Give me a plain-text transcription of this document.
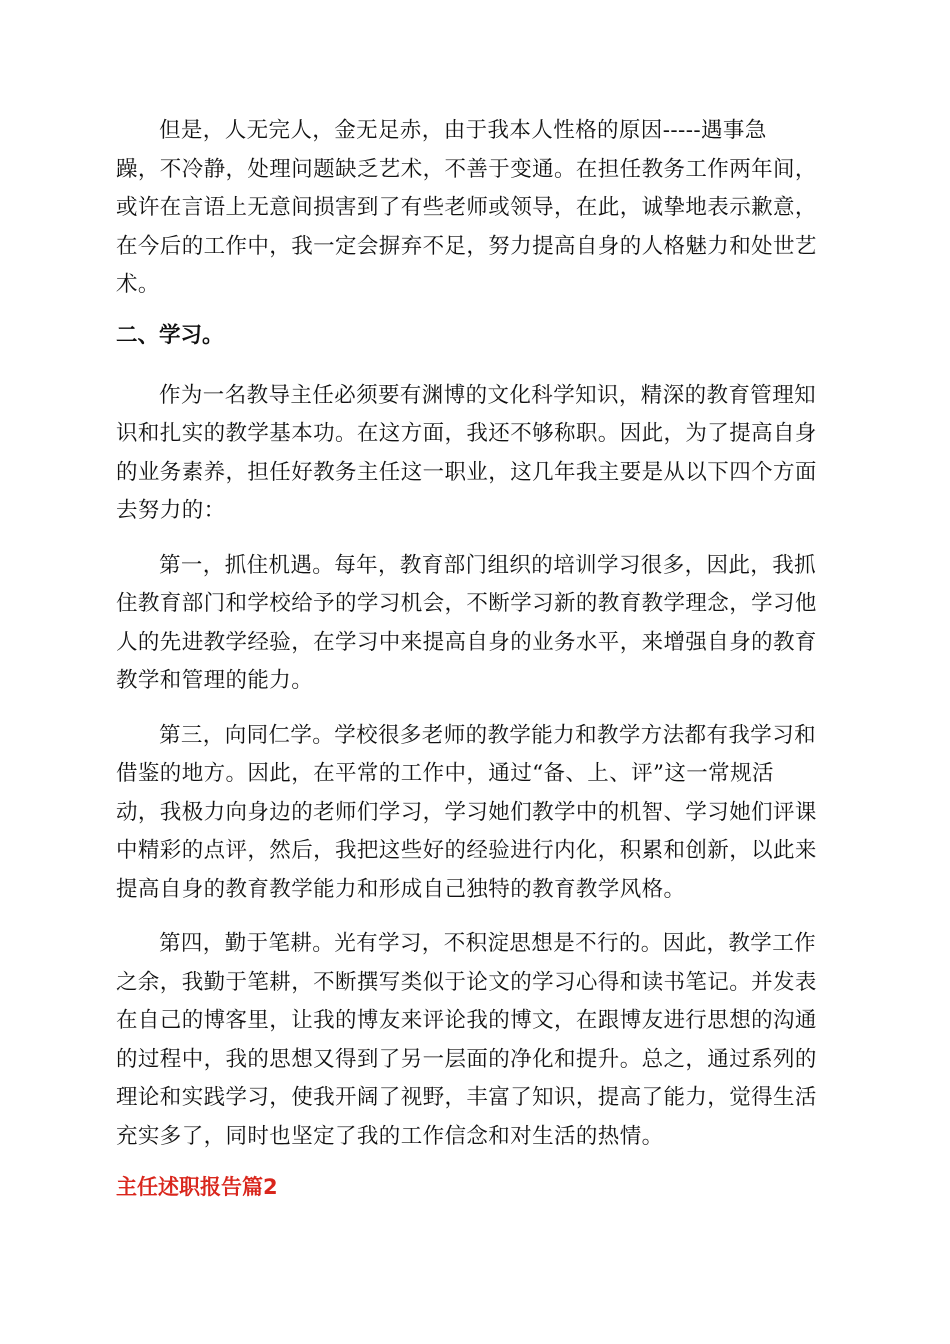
但是，人无完人，金无足赤，由于我本人性格的原因-----遇事急
躁，不冷静，处理问题缺乏艺术，不善于变通。在担任教务工作两年间，
或许在言语上无意间损害到了有些老师或领导，在此，诚挚地表示歉意，
在今后的工作中，我一定会摒弃不足，努力提高自身的人格魅力和处世艺
术。
二、学习。
作为一名教导主任必须要有渊博的文化科学知识，精深的教育管理知
识和扎实的教学基本功。在这方面，我还不够称职。因此，为了提高自身
的业务素养，担任好教务主任这一职业，这几年我主要是从以下四个方面
去努力的：
第一，抓住机遇。每年，教育部门组织的培训学习很多，因此，我抓
住教育部门和学校给予的学习机会，不断学习新的教育教学理念，学习他
人的先进教学经验，在学习中来提高自身的业务水平，来增强自身的教育
教学和管理的能力。
第三，向同仁学。学校很多老师的教学能力和教学方法都有我学习和
借鉴的地方。因此，在平常的工作中，通过“备、上、评”这一常规活
动，我极力向身边的老师们学习，学习她们教学中的机智、学习她们评课
中精彩的点评，然后，我把这些好的经验进行内化，积累和创新，以此来
提高自身的教育教学能力和形成自己独特的教育教学风格。
第四，勤于笔耕。光有学习，不积淀思想是不行的。因此，教学工作
之余，我勤于笔耕，不断撰写类似于论文的学习心得和读书笔记。并发表
在自己的博客里，让我的博友来评论我的博文，在跟博友进行思想的沟通
的过程中，我的思想又得到了另一层面的净化和提升。总之，通过系列的
理论和实践学习，使我开阔了视野，丰富了知识，提高了能力，觉得生活
充实多了，同时也坚定了我的工作信念和对生活的热情。
主任述职报告篇2
